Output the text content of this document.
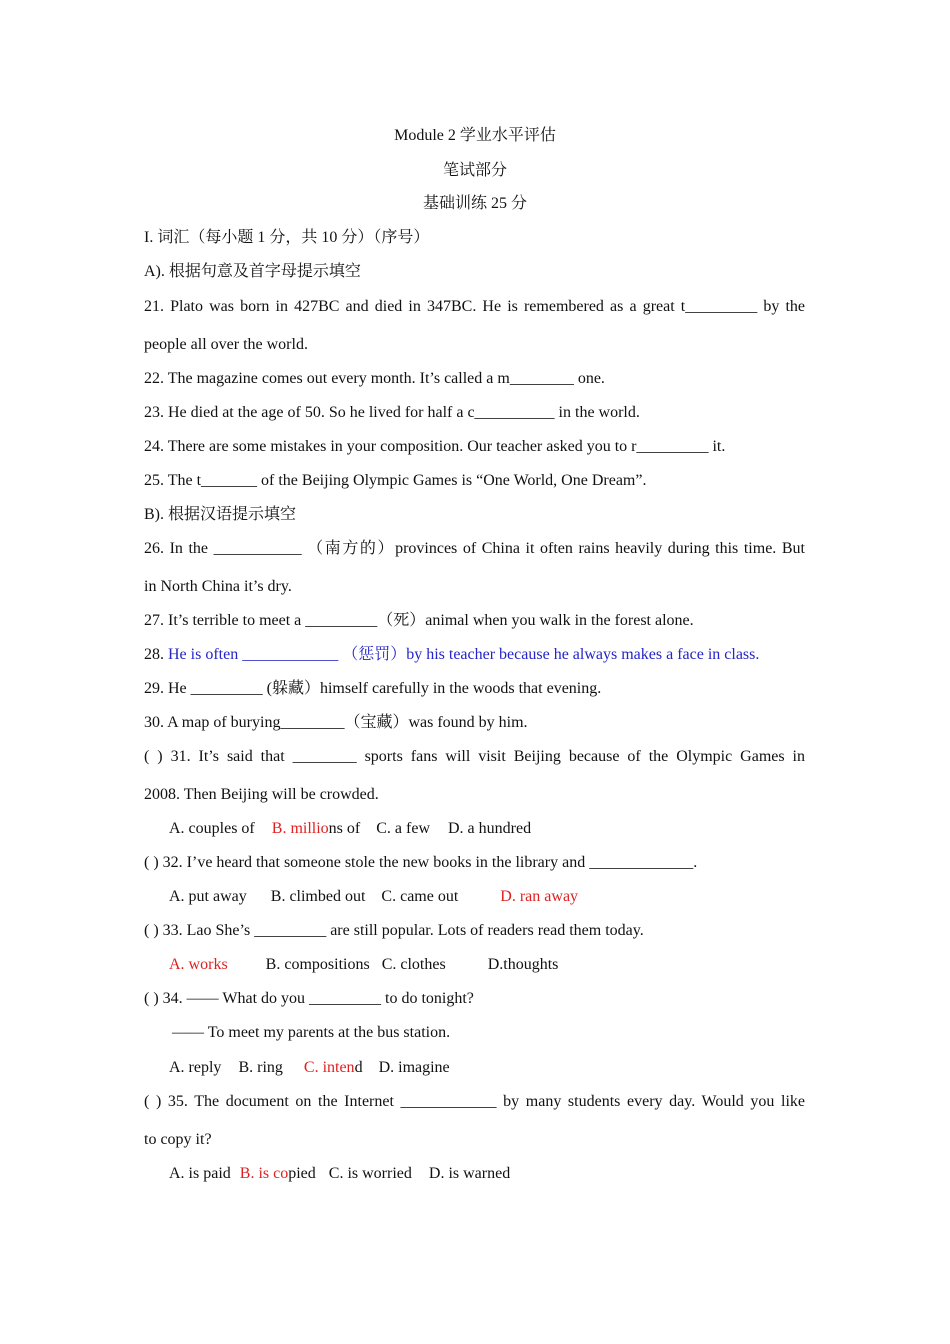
Module 2 学业水平评估
笔试部分
基础训练 25 分
I. 词汇（每小题 1 分，共 10 分）（序号）
A). 根据句意及首字母提示填空
21. Plato was born in 427BC and died in 347BC. He is remembered as a great t_________ by the
people all over the world.
22. The magazine comes out every month. It’s called a m________ one.
23. He died at the age of 50. So he lived for half a c__________ in the world.
24. There are some mistakes in your composition. Our teacher asked you to r_________ it.
25. The t_______ of the Beijing Olympic Games is “One World, One Dream”.
B). 根据汉语提示填空
26. In the ___________ （南方的）provinces of China it often rains heavily during this time. But
in North China it’s dry.
27. It’s terrible to meet a _________（死）animal when you walk in the forest alone.
28. He is often ____________ （惩罚）by his teacher because he always makes a face in class.
29. He _________ (躲藏）himself carefully in the woods that evening.
30. A map of burying________（宝藏）was found by him.
( ) 31. It’s said that ________ sports fans will visit Beijing because of the Olympic Games in
2008. Then Beijing will be crowded.
A. couples of B. millions of C. a few D. a hundred
( ) 32. I’ve heard that someone stole the new books in the library and _____________.
A. put away B. climbed out C. came out	D. ran away
( ) 33. Lao She’s _________ are still popular. Lots of readers read them today.
A. works B. compositions C. clothes	D.thoughts
( ) 34. —— What do you _________ to do tonight?
—— To meet my parents at the bus station.
A. reply B. ring C. intend D. imagine
( ) 35. The document on the Internet ____________ by many students every day. Would you like
to copy it?
A. is paid B. is copied C. is worried D. is warned
